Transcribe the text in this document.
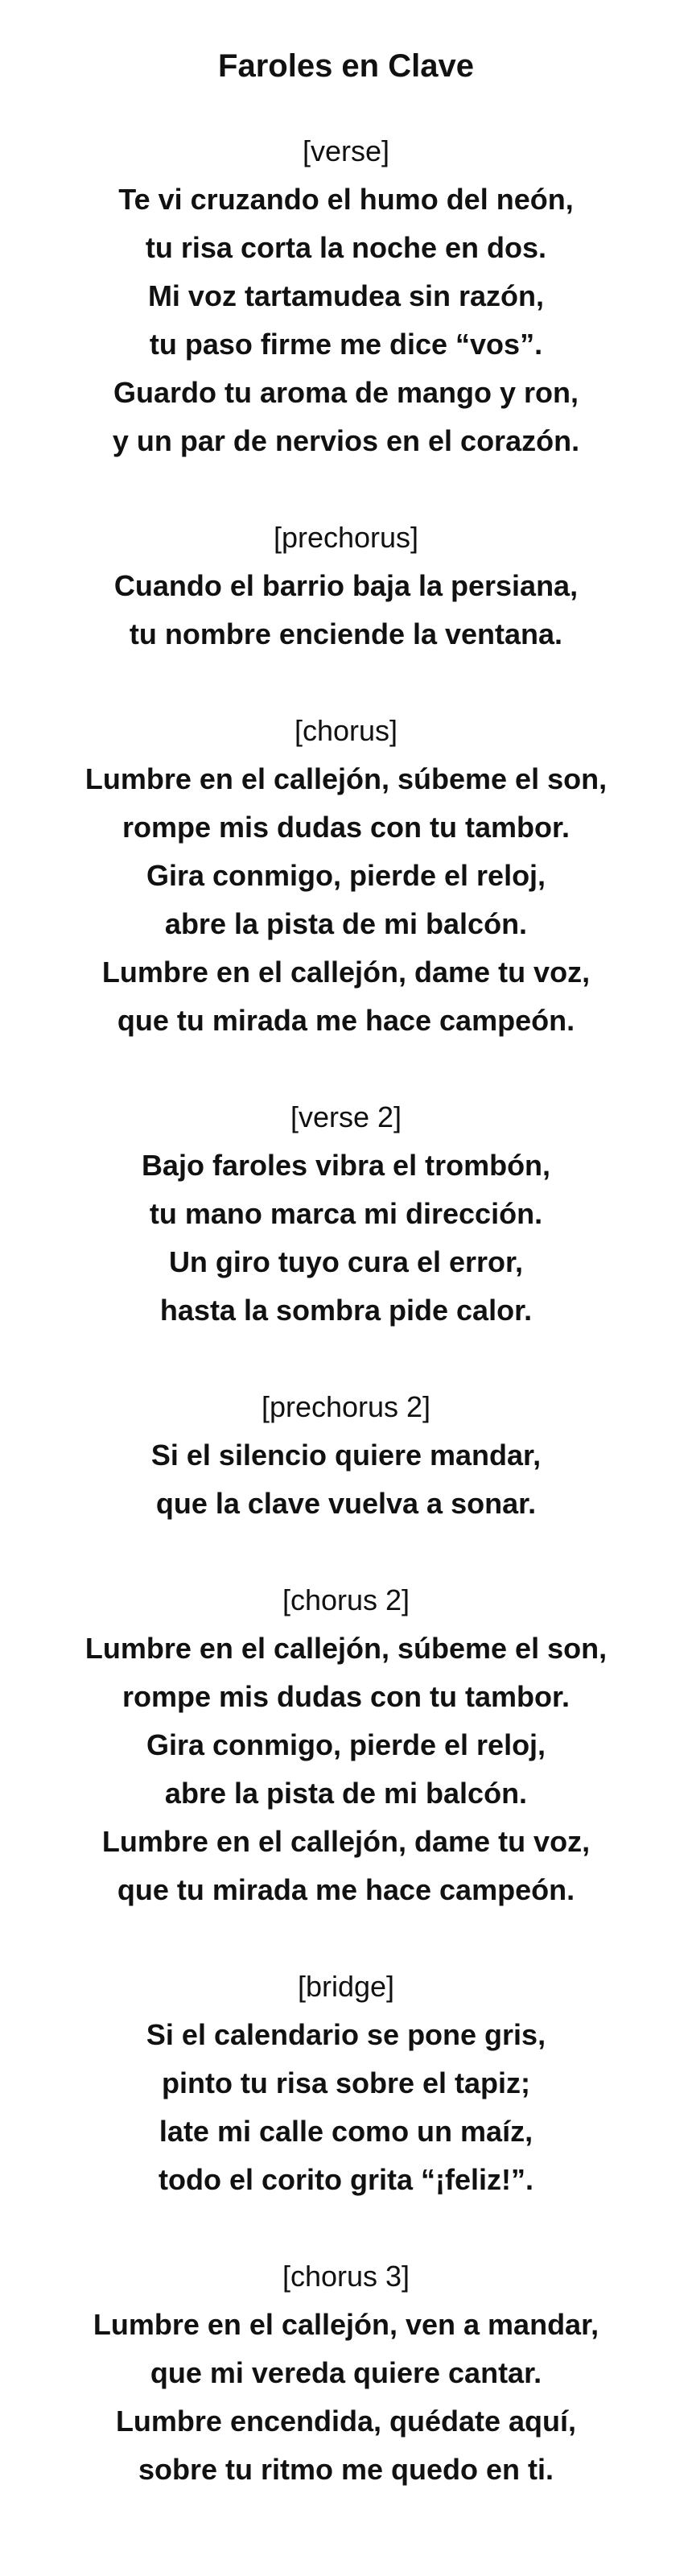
Faroles en Clave

[verse]

Te vi cruzando el humo del neón,

tu risa corta la noche en dos.

Mi voz tartamudea sin razón,

tu paso firme me dice “vos”.

Guardo tu aroma de mango y ron,

y un par de nervios en el corazón.

[prechorus]

Cuando el barrio baja la persiana,

tu nombre enciende la ventana.

[chorus]

Lumbre en el callejón, súbeme el son,

rompe mis dudas con tu tambor.

Gira conmigo, pierde el reloj,

abre la pista de mi balcón.

Lumbre en el callejón, dame tu voz,

que tu mirada me hace campeón.

[verse 2]

Bajo faroles vibra el trombón,

tu mano marca mi dirección.

Un giro tuyo cura el error,

hasta la sombra pide calor.

[prechorus 2]

Si el silencio quiere mandar,

que la clave vuelva a sonar.

[chorus 2]

Lumbre en el callejón, súbeme el son,

rompe mis dudas con tu tambor.

Gira conmigo, pierde el reloj,

abre la pista de mi balcón.

Lumbre en el callejón, dame tu voz,

que tu mirada me hace campeón.

[bridge]

Si el calendario se pone gris,

pinto tu risa sobre el tapiz;

late mi calle como un maíz,

todo el corito grita “¡feliz!”.

[chorus 3]

Lumbre en el callejón, ven a mandar,

que mi vereda quiere cantar.

Lumbre encendida, quédate aquí,

sobre tu ritmo me quedo en ti.
